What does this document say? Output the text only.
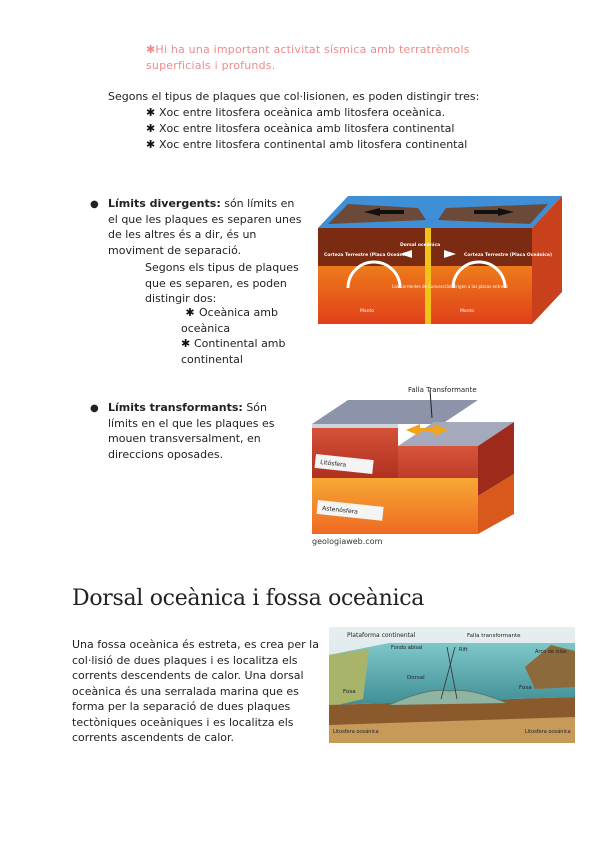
✱Hi ha una important activitat sísmica amb terratrèmols superficials i profunds.
Segons el tipus de plaques que col·lisionen, es poden distingir tres:
✱ Xoc entre litosfera oceànica amb litosfera oceànica.
✱ Xoc entre litosfera oceànica amb litosfera continental
✱ Xoc entre litosfera continental amb litosfera continental
● Límits divergents: són límits en el que les plaques es separen unes de les altres és a dir, és un moviment de separació.
Segons els tipus de plaques que es separen, es poden distingir dos:
✱ Oceànica amb oceànica
✱ Continental amb continental
Corteza Terrestre (Placa Oceánica)	Corteza Terrestre (Placa Oceánica)
Dorsal oceánica
Las Corrientes de Convección dirigen a las placas entre sí
Manto	Manto
● Límits transformants: Són límits en el que les plaques es mouen transversalment, en direccions oposades.
Falla Transformante
Litósfera
Astenósfera
geologiaweb.com
Dorsal oceànica i fossa oceànica
Una fossa oceànica és estreta, es crea per la col·lisió de dues plaques i es localitza els corrents descendents de calor. Una dorsal oceànica és una serralada marina que es forma per la separació de dues plaques tectòniques oceàniques i es localitza els corrents ascendents de calor.
Plataforma continental
Fondo abisal	Rift
Falla transformante
Arco de islas
Dorsal
Fosa
Fosa
Litosfera oceánica	Litosfera oceánica
